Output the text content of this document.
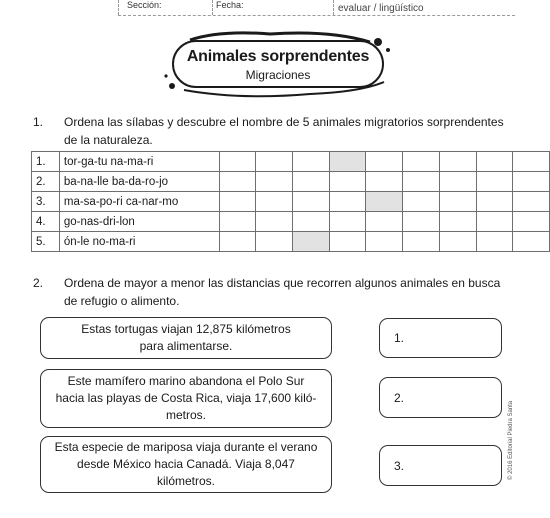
Sección:	Fecha:	evaluar / lingüístico
Animales sorprendentes
Migraciones
1. Ordena las sílabas y descubre el nombre de 5 animales migratorios sorprendentes
de la naturaleza.
1.	tor-ga-tu na-ma-ri									
2.	ba-na-lle ba-da-ro-jo									
3.	ma-sa-po-ri ca-nar-mo									
4.	go-nas-dri-lon									
5.	ón-le no-ma-ri									
2. Ordena de mayor a menor las distancias que recorren algunos animales en busca
de refugio o alimento.
Estas tortugas viajan 12,875 kilómetros
para alimentarse.
1.
Este mamífero marino abandona el Polo Sur
hacia las playas de Costa Rica, viaja 17,600 kiló-
metros.
2.
Esta especie de mariposa viaja durante el verano
desde México hacia Canadá. Viaja 8,047
kilómetros.
3.	© 2016 Editorial Piedra Santa
